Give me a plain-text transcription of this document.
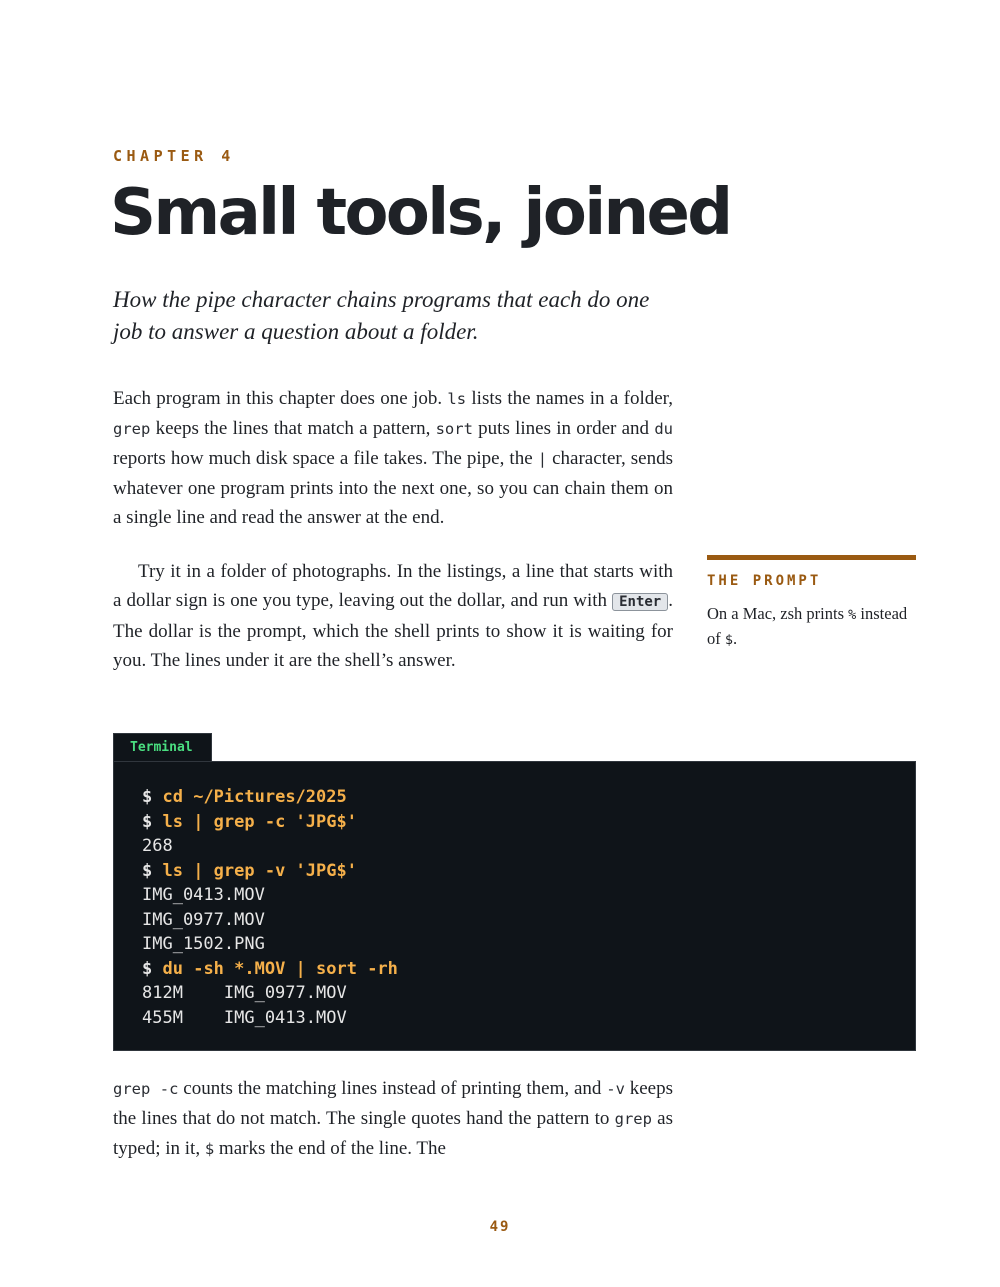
CHAPTER 4
Small tools, joined

How the pipe character chains programs that each do one job to answer a question about a folder.

Each program in this chapter does one job. ls lists the names in a folder, grep keeps the lines that match a pattern, sort puts lines in order and du reports how much disk space a file takes. The pipe, the | character, sends whatever one program prints into the next one, so you can chain them on a single line and read the answer at the end.

Try it in a folder of photographs. In the listings, a line that starts with a dollar sign is one you type, leaving out the dollar, and run with Enter . The dollar is the prompt, which the shell prints to show it is waiting for you. The lines under it are the shell’s answer.

THE PROMPT
On a Mac, zsh prints % instead of $.
Terminal
$ cd ~/Pictures/2025
$ ls | grep -c 'JPG$'
268
$ ls | grep -v 'JPG$'
IMG_0413.MOV
IMG_0977.MOV
IMG_1502.PNG
$ du -sh *.MOV | sort -rh
812M    IMG_0977.MOV
455M    IMG_0413.MOV

grep -c counts the matching lines instead of printing them, and -v keeps the lines that do not match. The single quotes hand the pattern to grep as typed; in it, $ marks the end of the line. The

49
